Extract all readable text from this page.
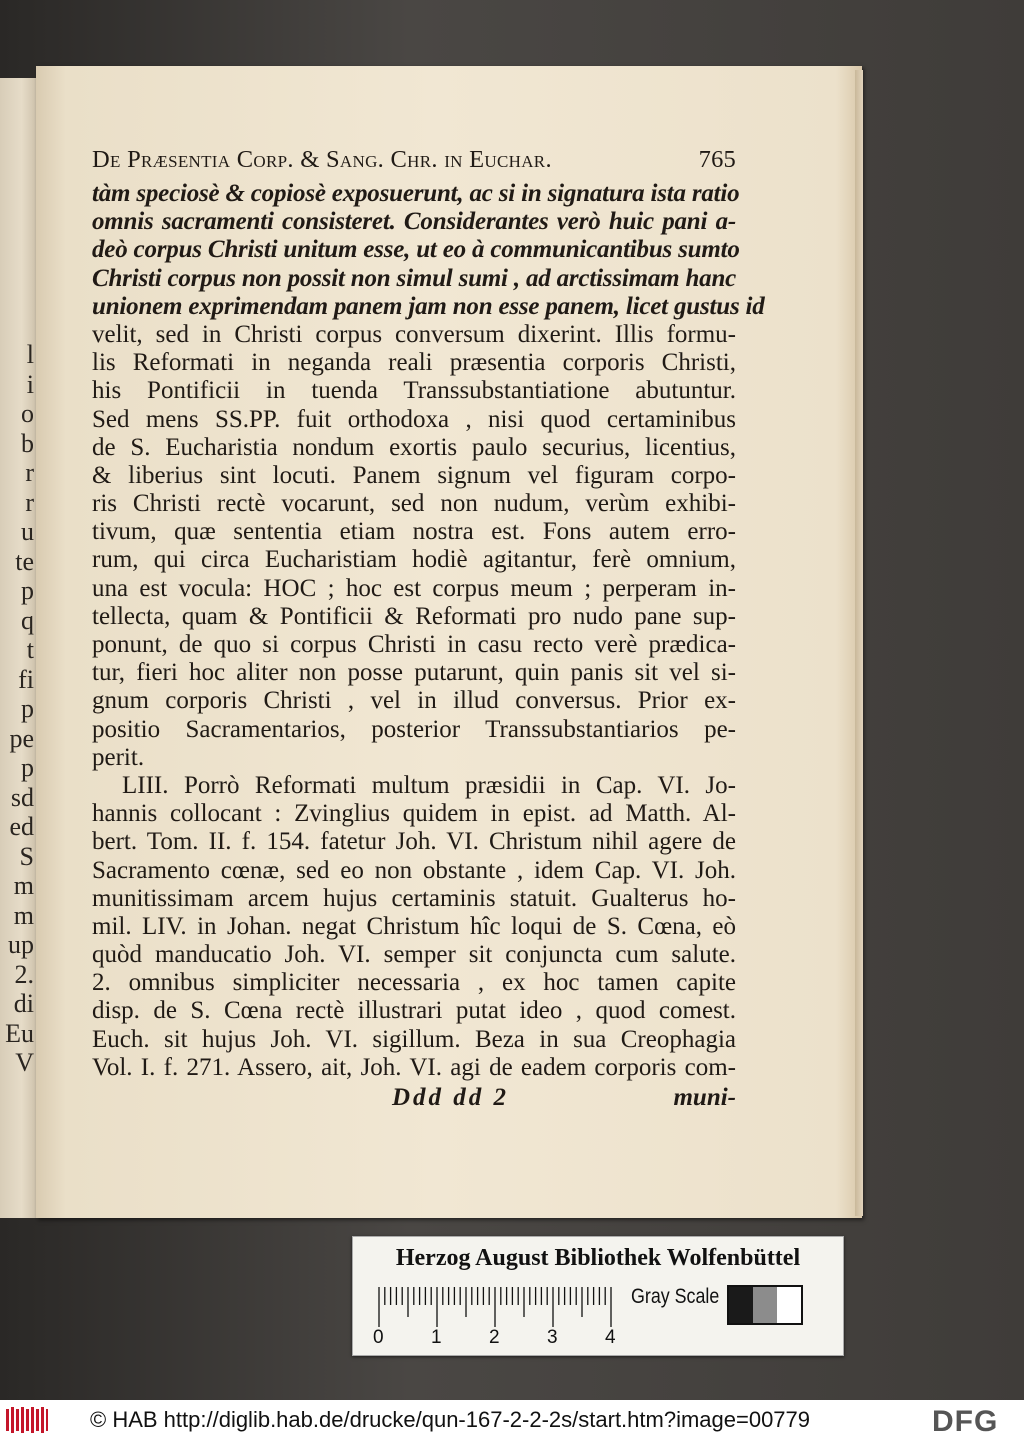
l
i
o
b
r
r
u
te
p
q
t
fi
p
pe
p
sd
ed
S
m
m
up
2.
di
Eu
V
De Præsentia Corp. & Sang. Chr. in Euchar.	765
tàm speciosè & copiosè exposuerunt, ac si in signatura ista ratio
omnis sacramenti consisteret. Considerantes verò huic pani a-
deò corpus Christi unitum esse, ut eo à communicantibus sumto
Christi corpus non possit non simul sumi , ad arctissimam hanc
unionem exprimendam panem jam non esse panem, licet gustus id
velit, sed in Christi corpus conversum dixerint. Illis formu-
lis Reformati in neganda reali præsentia corporis Christi,
his Pontificii in tuenda Transsubstantiatione abutuntur.
Sed mens SS.PP. fuit orthodoxa , nisi quod certaminibus
de S. Eucharistia nondum exortis paulo securius, licentius,
& liberius sint locuti. Panem signum vel figuram corpo-
ris Christi rectè vocarunt, sed non nudum, verùm exhibi-
tivum, quæ sententia etiam nostra est. Fons autem erro-
rum, qui circa Eucharistiam hodiè agitantur, ferè omnium,
una est vocula: HOC ; hoc est corpus meum ; perperam in-
tellecta, quam & Pontificii & Reformati pro nudo pane sup-
ponunt, de quo si corpus Christi in casu recto verè prædica-
tur, fieri hoc aliter non posse putarunt, quin panis sit vel si-
gnum corporis Christi , vel in illud conversus. Prior ex-
positio Sacramentarios, posterior Transsubstantiarios pe-
perit.
LIII. Porrò Reformati multum præsidii in Cap. VI. Jo-
hannis collocant : Zvinglius quidem in epist. ad Matth. Al-
bert. Tom. II. f. 154. fatetur Joh. VI. Christum nihil agere de
Sacramento cœnæ, sed eo non obstante , idem Cap. VI. Joh.
munitissimam arcem hujus certaminis statuit. Gualterus ho-
mil. LIV. in Johan. negat Christum hîc loqui de S. Cœna, eò
quòd manducatio Joh. VI. semper sit conjuncta cum salute.
2. omnibus simpliciter necessaria , ex hoc tamen capite
disp. de S. Cœna rectè illustrari putat ideo , quod comest.
Euch. sit hujus Joh. VI. sigillum. Beza in sua Creophagia
Vol. I. f. 271. Assero, ait, Joh. VI. agi de eadem corporis com-
Ddd dd 2	muni-
Herzog August Bibliothek Wolfenbüttel
0 1 2 3 4
Gray Scale
© HAB http://diglib.hab.de/drucke/qun-167-2-2-2s/start.htm?image=00779	DFG
